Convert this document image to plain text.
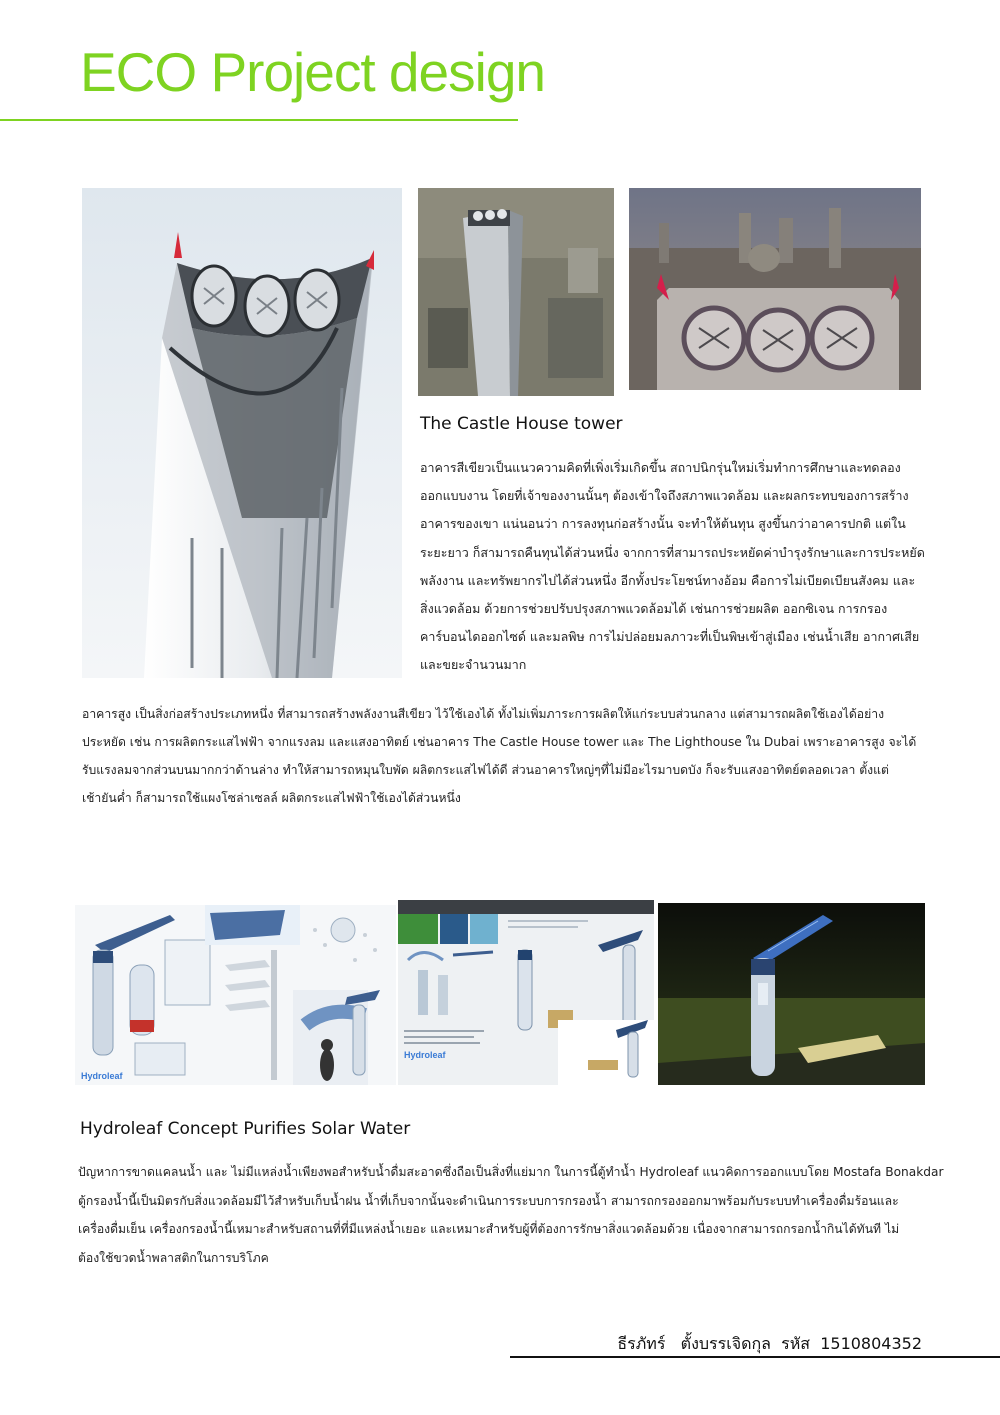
ECO Project design
The Castle House tower
อาคารสีเขียวเป็นแนวความคิดที่เพิ่งเริ่มเกิดขึ้น สถาปนิกรุ่นใหม่เริ่มทำการศึกษาและทดลอง
ออกแบบงาน โดยที่เจ้าของงานนั้นๆ ต้องเข้าใจถึงสภาพแวดล้อม และผลกระทบของการสร้าง
อาคารของเขา แน่นอนว่า การลงทุนก่อสร้างนั้น จะทำให้ต้นทุน สูงขึ้นกว่าอาคารปกติ แต่ใน
ระยะยาว ก็สามารถคืนทุนได้ส่วนหนึ่ง จากการที่สามารถประหยัดค่าบำรุงรักษาและการประหยัด
พลังงาน และทรัพยากรไปได้ส่วนหนึ่ง อีกทั้งประโยชน์ทางอ้อม คือการไม่เบียดเบียนสังคม และ
สิ่งแวดล้อม ด้วยการช่วยปรับปรุงสภาพแวดล้อมได้ เช่นการช่วยผลิต ออกซิเจน การกรอง
คาร์บอนไดออกไซด์ และมลพิษ การไม่ปล่อยมลภาวะที่เป็นพิษเข้าสู่เมือง เช่นน้ำเสีย อากาศเสีย
และขยะจำนวนมาก
อาคารสูง เป็นสิ่งก่อสร้างประเภทหนึ่ง ที่สามารถสร้างพลังงานสีเขียว ไว้ใช้เองได้ ทั้งไม่เพิ่มภาระการผลิตให้แก่ระบบส่วนกลาง แต่สามารถผลิตใช้เองได้อย่าง
ประหยัด เช่น การผลิตกระแสไฟฟ้า จากแรงลม และแสงอาทิตย์ เช่นอาคาร The Castle House tower และ The Lighthouse ใน Dubai เพราะอาคารสูง จะได้
รับแรงลมจากส่วนบนมากกว่าด้านล่าง ทำให้สามารถหมุนใบพัด ผลิตกระแสไฟได้ดี ส่วนอาคารใหญ่ๆที่ไม่มีอะไรมาบดบัง ก็จะรับแสงอาทิตย์ตลอดเวลา ตั้งแต่
เช้ายันค่ำ ก็สามารถใช้แผงโซล่าเซลล์ ผลิตกระแสไฟฟ้าใช้เองได้ส่วนหนึ่ง
Hydroleaf
Hydroleaf
Hydroleaf Concept Purifies Solar Water
ปัญหาการขาดแคลนน้ำ และ ไม่มีแหล่งน้ำเพียงพอสำหรับน้ำดื่มสะอาดซึ่งถือเป็นสิ่งที่แย่มาก ในการนี้ตู้ทำน้ำ Hydroleaf แนวคิดการออกแบบโดย Mostafa Bonakdar
ตู้กรองน้ำนี้เป็นมิตรกับสิ่งแวดล้อมมีไว้สำหรับเก็บน้ำฝน น้ำที่เก็บจากนั้นจะดำเนินการระบบการกรองน้ำ สามารถกรองออกมาพร้อมกับระบบทำเครื่องดื่มร้อนและ
เครื่องดื่มเย็น เครื่องกรองน้ำนี้เหมาะสำหรับสถานที่ที่มีแหล่งน้ำเยอะ และเหมาะสำหรับผู้ที่ต้องการรักษาสิ่งแวดล้อมด้วย เนื่องจากสามารถกรอกน้ำกินได้ทันที ไม่
ต้องใช้ขวดน้ำพลาสติกในการบริโภค
ธีรภัทร์   ตั้งบรรเจิดกุล  รหัส  1510804352
